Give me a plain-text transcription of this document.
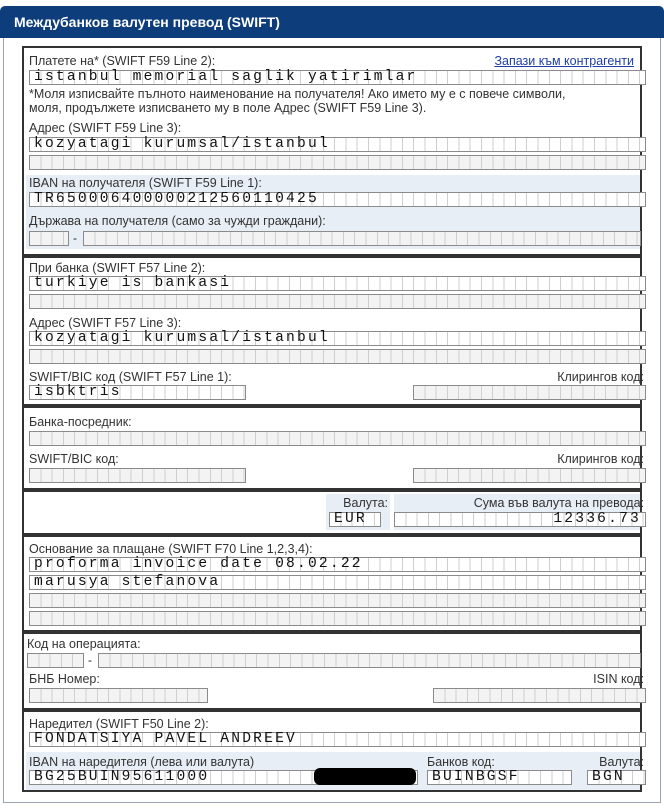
Междубанков валутен превод (SWIFT)
Платете на* (SWIFT F59 Line 2):	Запази към контрагенти
istanbul memorial saglik yatirimlar
*Моля изписвайте пълното наименование на получателя! Ако името му е с повече символи,
моля, продължете изписването му в поле Адрес (SWIFT F59 Line 3).
Адрес (SWIFT F59 Line 3):
kozyatagi kurumsal/istanbul
IBAN на получателя (SWIFT F59 Line 1):
TR650006400000212560110425
Държава на получателя (само за чужди граждани):
-
При банка (SWIFT F57 Line 2):
turkiye is bankasi
Адрес (SWIFT F57 Line 3):
kozyatagi kurumsal/istanbul
SWIFT/BIC код (SWIFT F57 Line 1):	Клирингов код:
isbktris
Банка-посредник:
SWIFT/BIC код:	Клирингов код:
Валута:	Сума във валута на превода:
EUR	12336.73
Основание за плащане (SWIFT F70 Line 1,2,3,4):
proforma invoice date 08.02.22
marusya stefanova
Код на операцията:
-
БНБ Номер:	ISIN код:
Наредител (SWIFT F50 Line 2):
FONDATSIYA PAVEL ANDREEV
IBAN на наредителя (лева или валута)	Банков код:	Валута:
BG25BUIN95611000	BUINBGSF	BGN
